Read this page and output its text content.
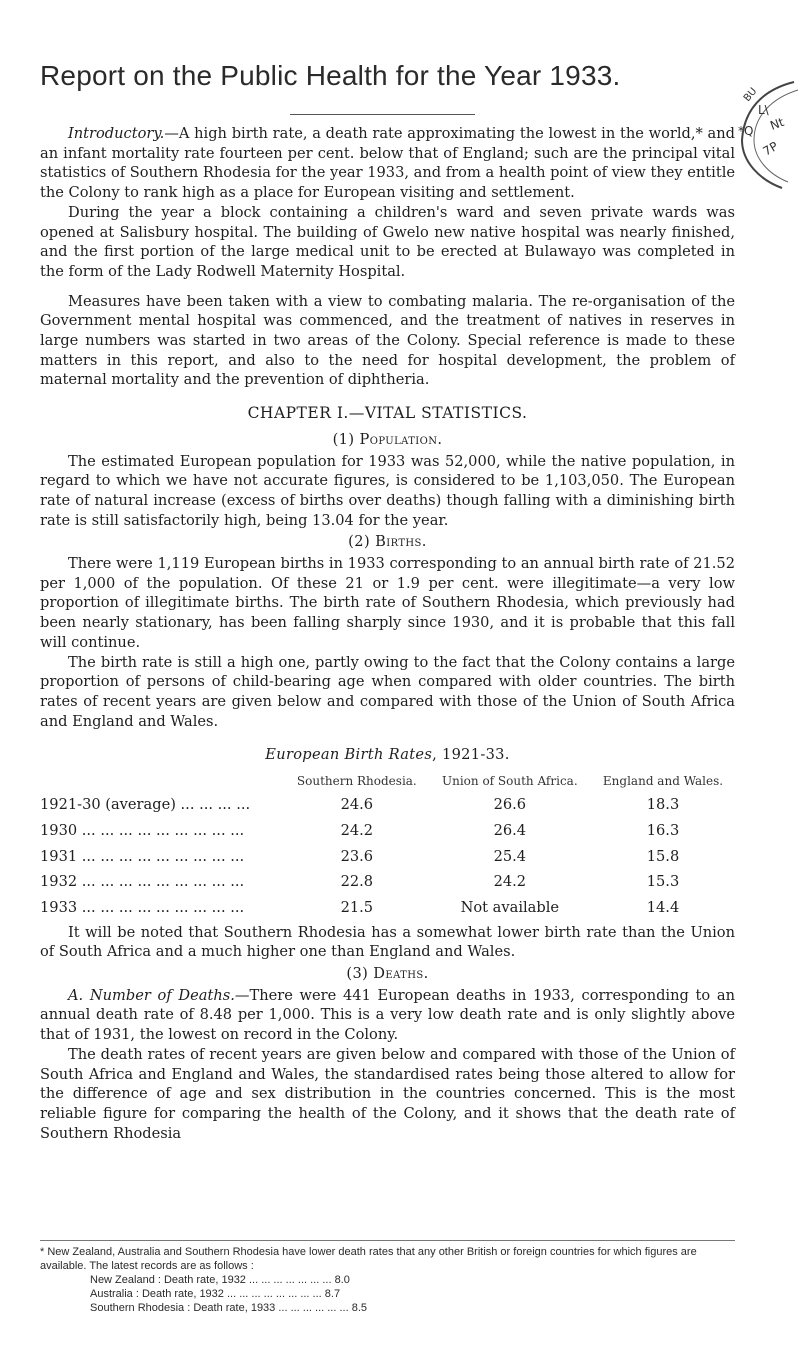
Report on the Public Health for the Year 1933.
BU
L\
*Q Nt
7P

Introductory.—A high birth rate, a death rate approximating the lowest in the world,* and an infant mortality rate fourteen per cent. below that of England; such are the principal vital statistics of Southern Rhodesia for the year 1933, and from a health point of view they entitle the Colony to rank high as a place for European visiting and settlement.

During the year a block containing a children's ward and seven private wards was opened at Salisbury hospital. The building of Gwelo new native hospital was nearly finished, and the first portion of the large medical unit to be erected at Bulawayo was completed in the form of the Lady Rodwell Maternity Hospital.

Measures have been taken with a view to combating malaria. The re-organisation of the Government mental hospital was commenced, and the treatment of natives in reserves in large numbers was started in two areas of the Colony. Special reference is made to these matters in this report, and also to the need for hospital development, the problem of maternal mortality and the prevention of diphtheria.

CHAPTER I.—VITAL STATISTICS.
(1) Population.

The estimated European population for 1933 was 52,000, while the native population, in regard to which we have not accurate figures, is considered to be 1,103,050. The European rate of natural increase (excess of births over deaths) though falling with a diminishing birth rate is still satisfactorily high, being 13.04 for the year.

(2) Births.

There were 1,119 European births in 1933 corresponding to an annual birth rate of 21.52 per 1,000 of the population. Of these 21 or 1.9 per cent. were illegitimate—a very low proportion of illegitimate births. The birth rate of Southern Rhodesia, which previously had been nearly stationary, has been falling sharply since 1930, and it is probable that this fall will continue.

The birth rate is still a high one, partly owing to the fact that the Colony contains a large proportion of persons of child-bearing age when compared with older countries. The birth rates of recent years are given below and compared with those of the Union of South Africa and England and Wales.

European Birth Rates, 1921-33.
	Southern Rhodesia.	Union of South Africa.	England and Wales.
1921-30 (average) ... ... ... ...	24.6	26.6	18.3
1930 ... ... ... ... ... ... ... ... ...	24.2	26.4	16.3
1931 ... ... ... ... ... ... ... ... ...	23.6	25.4	15.8
1932 ... ... ... ... ... ... ... ... ...	22.8	24.2	15.3
1933 ... ... ... ... ... ... ... ... ...	21.5	Not available	14.4

It will be noted that Southern Rhodesia has a somewhat lower birth rate than the Union of South Africa and a much higher one than England and Wales.

(3) Deaths.

A. Number of Deaths.—There were 441 European deaths in 1933, corresponding to an annual death rate of 8.48 per 1,000. This is a very low death rate and is only slightly above that of 1931, the lowest on record in the Colony.

The death rates of recent years are given below and compared with those of the Union of South Africa and England and Wales, the standardised rates being those altered to allow for the difference of age and sex distribution in the countries concerned. This is the most reliable figure for comparing the health of the Colony, and it shows that the death rate of Southern Rhodesia

* New Zealand, Australia and Southern Rhodesia have lower death rates that any other British or foreign countries for which figures are available. The latest records are as follows :
New Zealand : Death rate, 1932 ... ... ... ... ... ... ... 8.0
Australia : Death rate, 1932 ... ... ... ... ... ... ... ... 8.7
Southern Rhodesia : Death rate, 1933 ... ... ... ... ... ... 8.5
